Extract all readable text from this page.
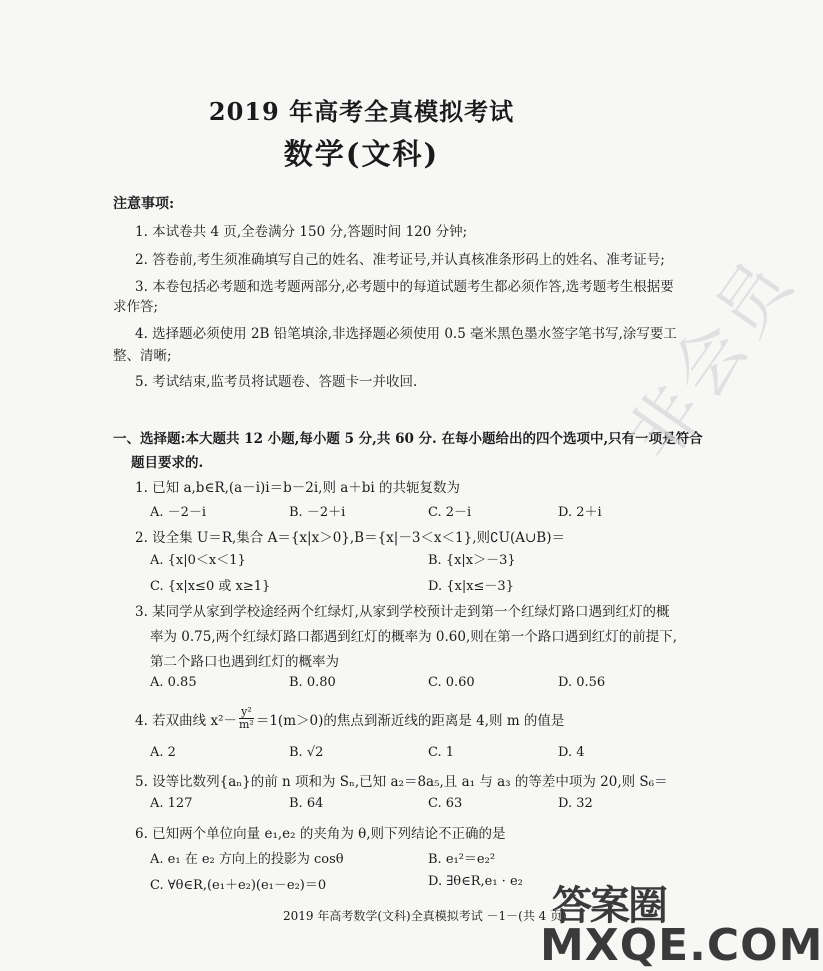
2019 年高考全真模拟考试
数学(文科)
注意事项:
1. 本试卷共 4 页,全卷满分 150 分,答题时间 120 分钟;
2. 答卷前,考生须准确填写自己的姓名、准考证号,并认真核准条形码上的姓名、准考证号;
3. 本卷包括必考题和选考题两部分,必考题中的每道试题考生都必须作答,选考题考生根据要
求作答;
4. 选择题必须使用 2B 铅笔填涂,非选择题必须使用 0.5 毫米黑色墨水签字笔书写,涂写要工
整、清晰;
5. 考试结束,监考员将试题卷、答题卡一并收回.
一、选择题:本大题共 12 小题,每小题 5 分,共 60 分. 在每小题给出的四个选项中,只有一项是符合
题目要求的.
1. 已知 a,b∈R,(a－i)i＝b－2i,则 a＋bi 的共轭复数为
A. －2－i	B. －2＋i	C. 2－i	D. 2＋i
2. 设全集 U＝R,集合 A＝{x|x＞0},B＝{x|－3＜x＜1},则∁U(A∪B)＝
A. {x|0＜x＜1}	B. {x|x＞－3}
C. {x|x≤0 或 x≥1}	D. {x|x≤－3}
3. 某同学从家到学校途经两个红绿灯,从家到学校预计走到第一个红绿灯路口遇到红灯的概
率为 0.75,两个红绿灯路口都遇到红灯的概率为 0.60,则在第一个路口遇到红灯的前提下,
第二个路口也遇到红灯的概率为
A. 0.85	B. 0.80	C. 0.60	D. 0.56
4. 若双曲线 $x^2- \frac{\text{y²}}{\text{m²}} =1(m>0)$的焦点到渐近线的距离是 4,则 m 的值是
A. 2	B. √2	C. 1	D. 4
5. 设等比数列{aₙ}的前 n 项和为 Sₙ,已知 a₂＝8a₅,且 a₁ 与 a₃ 的等差中项为 20,则 S₆＝
A. 127	B. 64	C. 63	D. 32
6. 已知两个单位向量 e₁,e₂ 的夹角为 θ,则下列结论不正确的是
A. e₁ 在 e₂ 方向上的投影为 cosθ	B. e₁²＝e₂²
C. ∀θ∈R,(e₁＋e₂)(e₁－e₂)＝0	D. ∃θ∈R,e₁ · e₂
非会员
2019 年高考数学(文科)全真模拟考试 －1－(共 4 页)
答案圈
MXQE.COM
